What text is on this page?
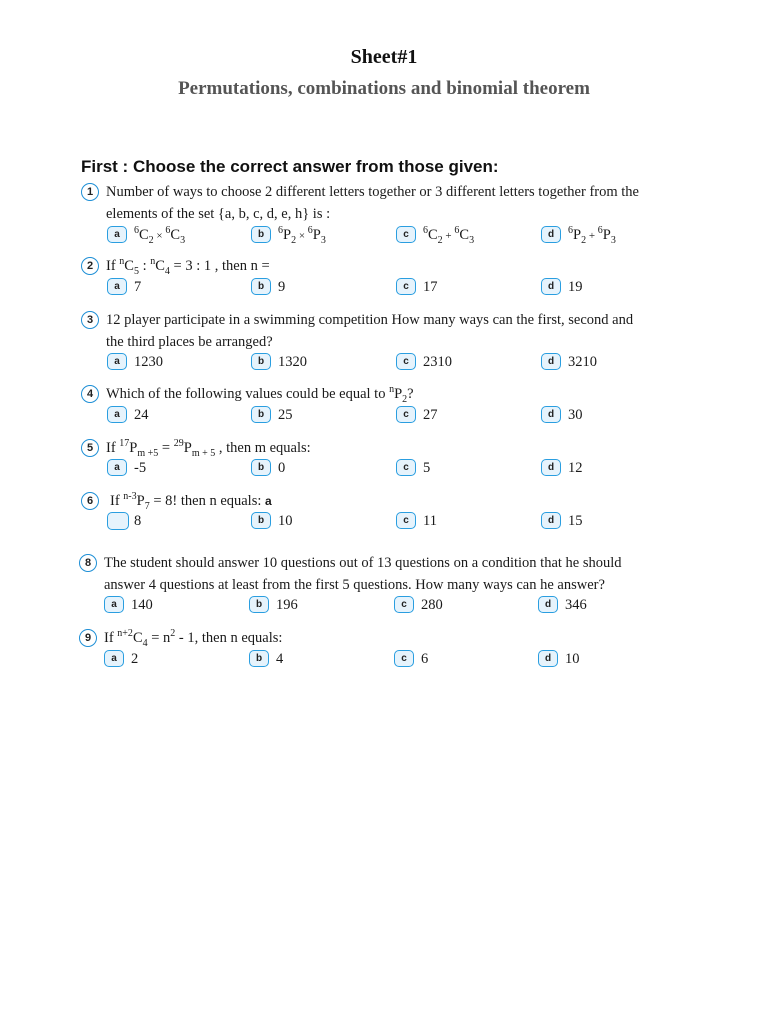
Sheet#1
Permutations, combinations and binomial theorem
First : Choose the correct answer from those given:
1 Number of ways to choose 2 different letters together or 3 different letters together from the
elements of the set {a, b, c, d, e, h} is :
a	$^6C_2 \times ^6C_3$
b	$^6P_2 \times ^6P_3$
c	$^6C_2 + ^6C_3$
d	$^6P_2 + ^6P_3$
2 If $^nC_5$ : $^nC_4 = 3$ : 1 , then n =
a 7	b 9	c 17	d 19
3 12 player participate in a swimming competition How many ways can the first, second and
the third places be arranged?
a 1230	b 1320	c 2310	d 3210
4 Which of the following values could be equal to $^nP_2$?
a 24	b 25	c 27	d 30
5 If $^{17}P_{m +5} = ^{29}P_{m + 5}$ , then m equals:
a -5	b 0	c 5	d 12
6	If $^{n-3}P_7 = 8$! then n equals: a
8	b 10	c 11	d 15
8 The student should answer 10 questions out of 13 questions on a condition that he should
answer 4 questions at least from the first 5 questions. How many ways can he answer?
a 140	b 196	c 280	d 346
9 If $^{n+2}C_4 = n^2 - 1$, then n equals:
a 2	b 4	c 6	d 10
